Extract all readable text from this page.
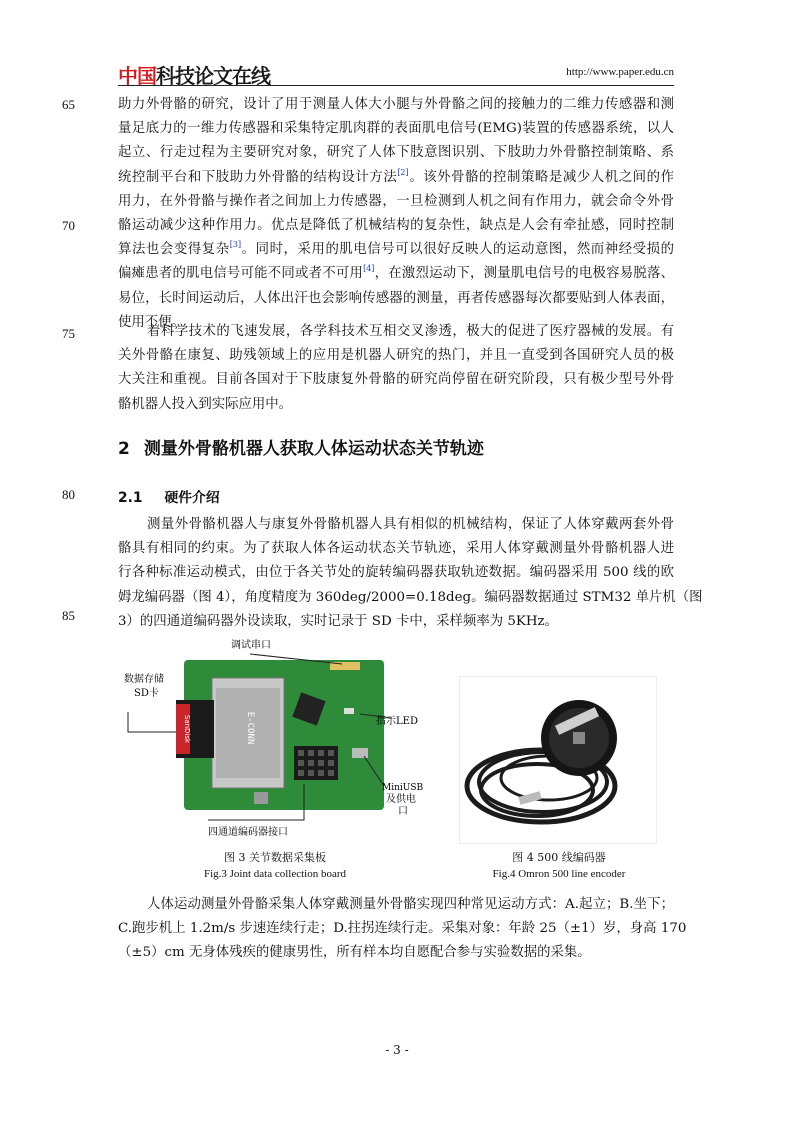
中国科技论文在线	http://www.paper.edu.cn
65
70
75
80
85
助力外骨骼的研究，设计了用于测量人体大小腿与外骨骼之间的接触力的二维力传感器和测
量足底力的一维力传感器和采集特定肌肉群的表面肌电信号(EMG)装置的传感器系统，以人
起立、行走过程为主要研究对象，研究了人体下肢意图识别、下肢助力外骨骼控制策略、系
统控制平台和下肢助力外骨骼的结构设计方法[2]。该外骨骼的控制策略是减少人机之间的作
用力，在外骨骼与操作者之间加上力传感器，一旦检测到人机之间有作用力，就会命令外骨
骼运动减少这种作用力。优点是降低了机械结构的复杂性，缺点是人会有牵扯感，同时控制
算法也会变得复杂[3]。同时，采用的肌电信号可以很好反映人的运动意图，然而神经受损的
偏瘫患者的肌电信号可能不同或者不可用[4]，在激烈运动下，测量肌电信号的电极容易脱落、
易位，长时间运动后，人体出汗也会影响传感器的测量，再者传感器每次都要贴到人体表面，
使用不便。
着科学技术的飞速发展，各学科技术互相交叉渗透，极大的促进了医疗器械的发展。有
关外骨骼在康复、助残领域上的应用是机器人研究的热门，并且一直受到各国研究人员的极
大关注和重视。目前各国对于下肢康复外骨骼的研究尚停留在研究阶段，只有极少型号外骨
骼机器人投入到实际应用中。
2 测量外骨骼机器人获取人体运动状态关节轨迹
2.1 硬件介绍
测量外骨骼机器人与康复外骨骼机器人具有相似的机械结构，保证了人体穿戴两套外骨
骼具有相同的约束。为了获取人体各运动状态关节轨迹，采用人体穿戴测量外骨骼机器人进
行各种标准运动模式，由位于各关节处的旋转编码器获取轨迹数据。编码器采用 500 线的欧
姆龙编码器（图 4），角度精度为 360deg/2000=0.18deg。编码器数据通过 STM32 单片机（图
3）的四通道编码器外设读取，实时记录于 SD 卡中，采样频率为 5KHz。
SanDisk	E-CONN
调试串口
数据存储
SD卡
指示LED
MiniUSB
及供电
口
四通道编码器接口
图 3 关节数据采集板
Fig.3 Joint data collection board
图 4 500 线编码器
Fig.4 Omron 500 line encoder
人体运动测量外骨骼采集人体穿戴测量外骨骼实现四种常见运动方式：A.起立；B.坐下；
C.跑步机上 1.2m/s 步速连续行走；D.拄拐连续行走。采集对象：年龄 25（±1）岁，身高 170
（±5）cm 无身体残疾的健康男性，所有样本均自愿配合参与实验数据的采集。
- 3 -
